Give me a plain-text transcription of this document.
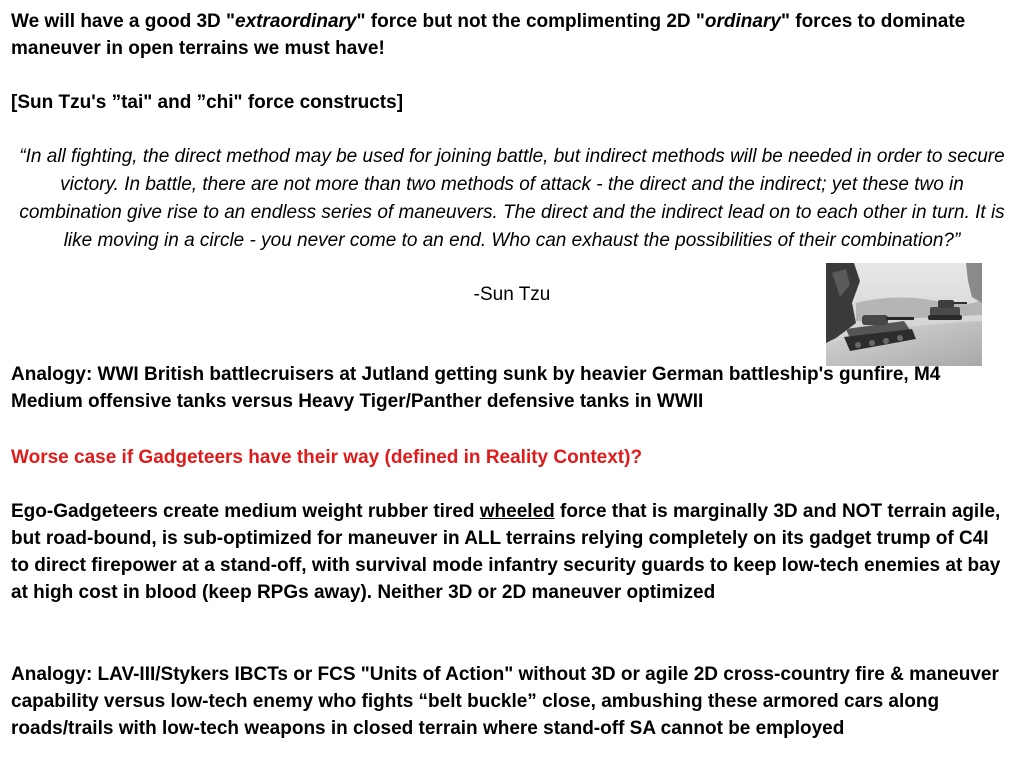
We will have a good 3D "extraordinary" force but not the complimenting 2D "ordinary" forces to dominate maneuver in open terrains we must have!

[Sun Tzu's ”tai" and ”chi" force constructs]

“In all fighting, the direct method may be used for joining battle, but indirect methods will be needed in order to secure victory. In battle, there are not more than two methods of attack - the direct and the indirect; yet these two in combination give rise to an endless series of maneuvers. The direct and the indirect lead on to each other in turn. It is like moving in a circle - you never come to an end. Who can exhaust the possibilities of their combination?”

-Sun Tzu

Analogy: WWI British battlecruisers at Jutland getting sunk by heavier German battleship's gunfire, M4 Medium offensive tanks versus Heavy Tiger/Panther defensive tanks in WWII

Worse case if Gadgeteers have their way (defined in Reality Context)?

Ego-Gadgeteers create medium weight rubber tired wheeled force that is marginally 3D and NOT terrain agile, but road-bound, is sub-optimized for maneuver in ALL terrains relying completely on its gadget trump of C4I to direct firepower at a stand-off, with survival mode infantry security guards to keep low-tech enemies at bay at high cost in blood (keep RPGs away). Neither 3D or 2D maneuver optimized

Analogy: LAV-III/Stykers IBCTs or FCS "Units of Action" without 3D or agile 2D cross-country fire & maneuver capability versus low-tech enemy who fights “belt buckle” close, ambushing these armored cars along roads/trails with low-tech weapons in closed terrain where stand-off SA cannot be employed
